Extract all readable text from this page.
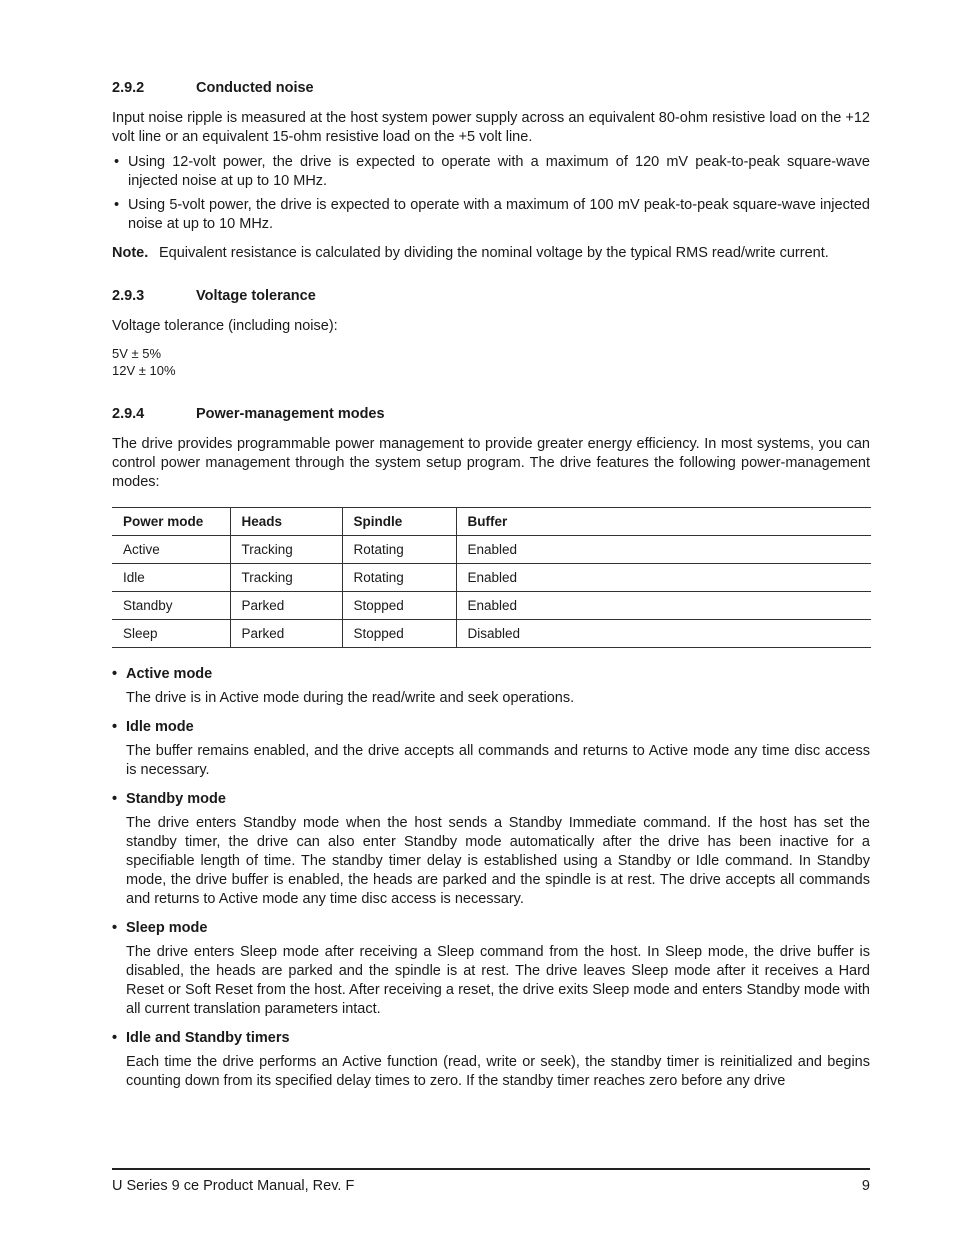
2.9.2	Conducted noise

Input noise ripple is measured at the host system power supply across an equivalent 80-ohm resistive load on the +12 volt line or an equivalent 15-ohm resistive load on the +5 volt line.

• Using 12-volt power, the drive is expected to operate with a maximum of 120 mV peak-to-peak square-wave injected noise at up to 10 MHz.
• Using 5-volt power, the drive is expected to operate with a maximum of 100 mV peak-to-peak square-wave injected noise at up to 10 MHz.
Note. Equivalent resistance is calculated by dividing the nominal voltage by the typical RMS read/write current.
2.9.3	Voltage tolerance

Voltage tolerance (including noise):

5V ± 5%
12V ± 10%
2.9.4	Power-management modes

The drive provides programmable power management to provide greater energy efficiency. In most systems, you can control power management through the system setup program. The drive features the following power-management modes:

Power mode	Heads	Spindle	Buffer
Active	Tracking	Rotating	Enabled
Idle	Tracking	Rotating	Enabled
Standby	Parked	Stopped	Enabled
Sleep	Parked	Stopped	Disabled
• Active mode

The drive is in Active mode during the read/write and seek operations.

• Idle mode

The buffer remains enabled, and the drive accepts all commands and returns to Active mode any time disc access is necessary.

• Standby mode

The drive enters Standby mode when the host sends a Standby Immediate command. If the host has set the standby timer, the drive can also enter Standby mode automatically after the drive has been inactive for a specifiable length of time. The standby timer delay is established using a Standby or Idle command. In Standby mode, the drive buffer is enabled, the heads are parked and the spindle is at rest. The drive accepts all commands and returns to Active mode any time disc access is necessary.

• Sleep mode

The drive enters Sleep mode after receiving a Sleep command from the host. In Sleep mode, the drive buffer is disabled, the heads are parked and the spindle is at rest. The drive leaves Sleep mode after it receives a Hard Reset or Soft Reset from the host. After receiving a reset, the drive exits Sleep mode and enters Standby mode with all current translation parameters intact.

• Idle and Standby timers

Each time the drive performs an Active function (read, write or seek), the standby timer is reinitialized and begins counting down from its specified delay times to zero. If the standby timer reaches zero before any drive

U Series 9 ce Product Manual, Rev. F	9
